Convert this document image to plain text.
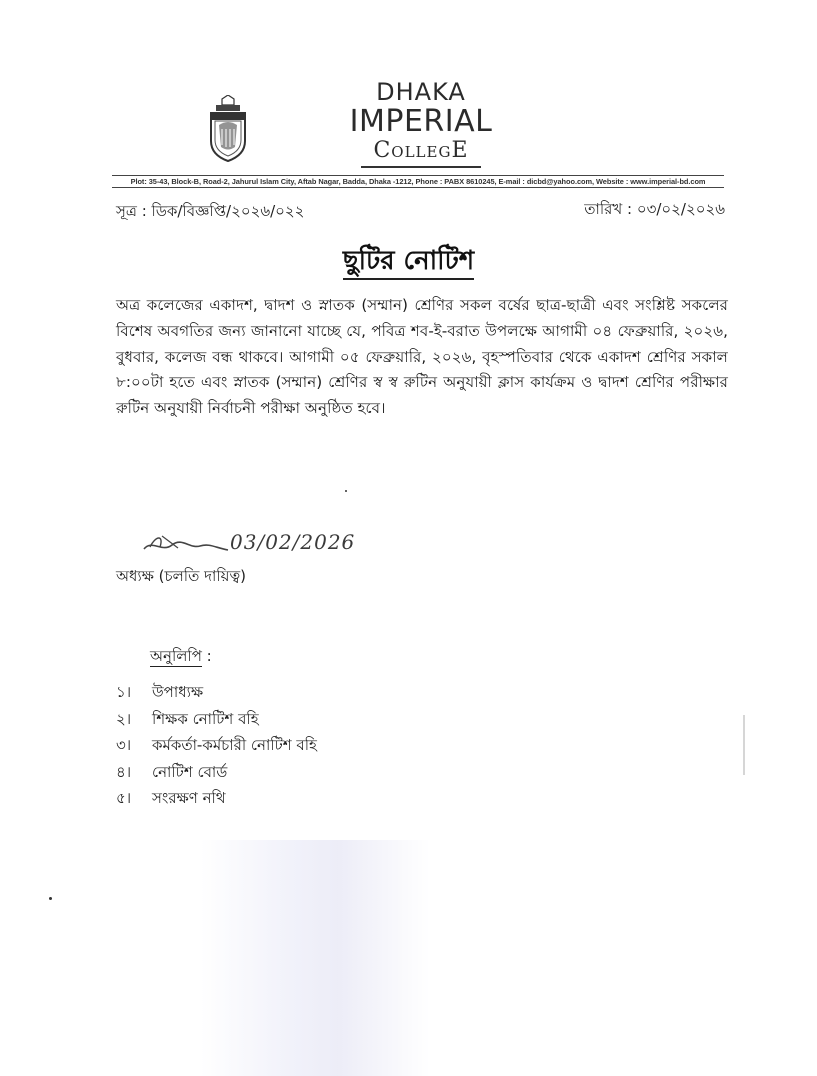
DHAKA
IMPERIAL
CollegE
Plot: 35-43, Block-B, Road-2, Jahurul Islam City, Aftab Nagar, Badda, Dhaka -1212, Phone : PABX 8610245, E-mail : dicbd@yahoo.com, Website : www.imperial-bd.com
সূত্র : ডিক/বিজ্ঞপ্তি/২০২৬/০২২	তারিখ : ০৩/০২/২০২৬
ছুটির নোটিশ
অত্র কলেজের একাদশ, দ্বাদশ ও স্নাতক (সম্মান) শ্রেণির সকল বর্ষের ছাত্র-ছাত্রী এবং সংশ্লিষ্ট সকলের বিশেষ অবগতির জন্য জানানো যাচ্ছে যে, পবিত্র শব-ই-বরাত উপলক্ষে আগামী ০৪ ফেব্রুয়ারি, ২০২৬, বুধবার, কলেজ বন্ধ থাকবে। আগামী ০৫ ফেব্রুয়ারি, ২০২৬, বৃহস্পতিবার থেকে একাদশ শ্রেণির সকাল ৮:০০টা হতে এবং স্নাতক (সম্মান) শ্রেণির স্ব স্ব রুটিন অনুযায়ী ক্লাস কার্যক্রম ও দ্বাদশ শ্রেণির পরীক্ষার রুটিন অনুযায়ী নির্বাচনী পরীক্ষা অনুষ্ঠিত হবে।
03/02/2026
অধ্যক্ষ (চলতি দায়িত্ব)
অনুলিপি :
১। উপাধ্যক্ষ
২। শিক্ষক নোটিশ বহি
৩। কর্মকর্তা-কর্মচারী নোটিশ বহি
৪। নোটিশ বোর্ড
৫। সংরক্ষণ নথি
